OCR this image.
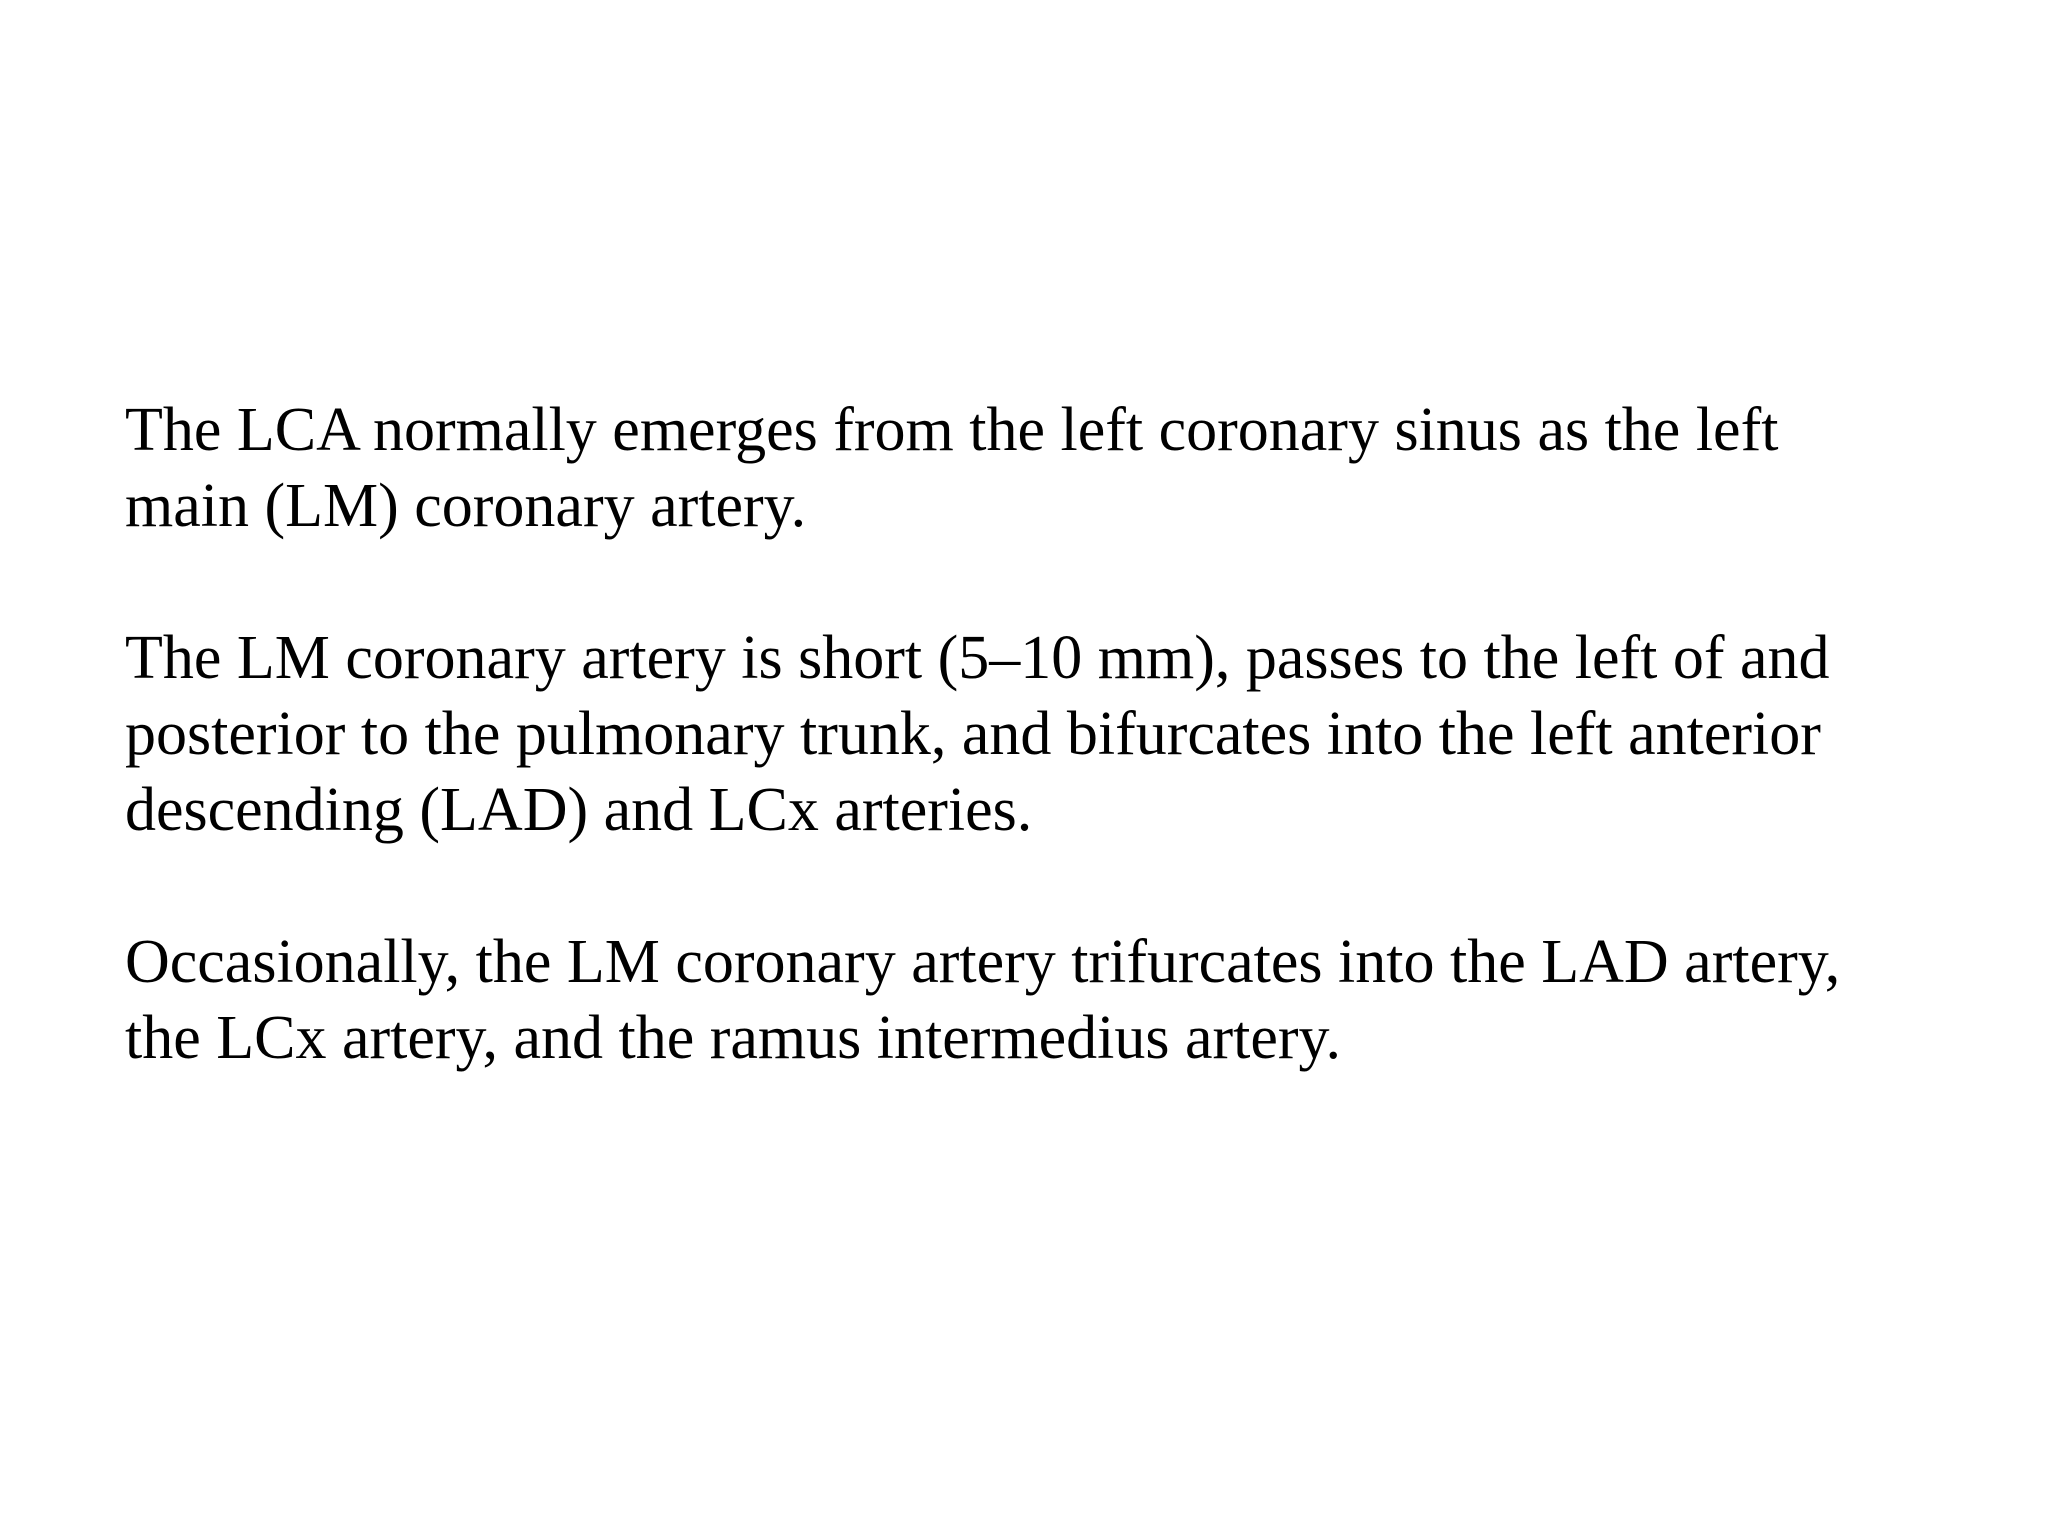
The LCA normally emerges from the left coronary sinus as the left
main (LM) coronary artery.

The LM coronary artery is short (5–10 mm), passes to the left of and
posterior to the pulmonary trunk, and bifurcates into the left anterior
descending (LAD) and LCx arteries.

Occasionally, the LM coronary artery trifurcates into the LAD artery,
the LCx artery, and the ramus intermedius artery.
